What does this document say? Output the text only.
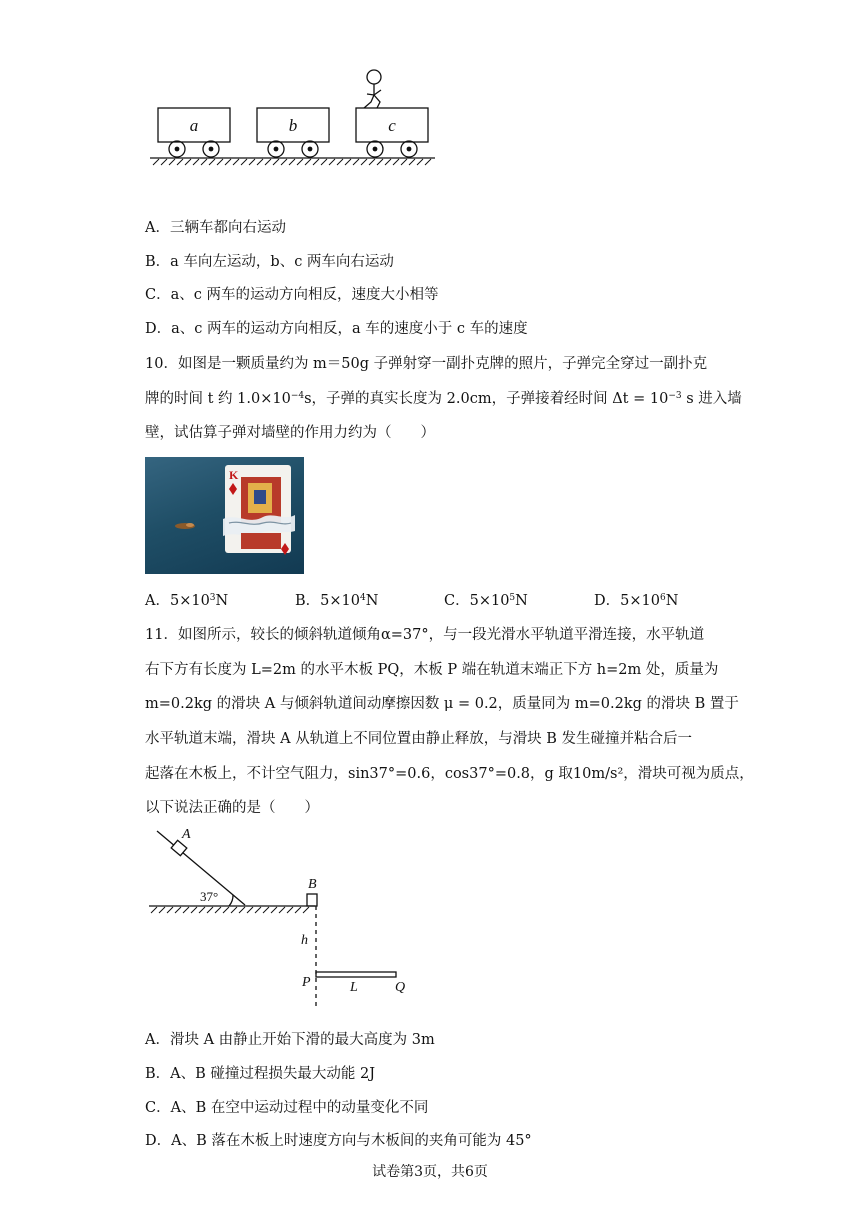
a	b	c
A．三辆车都向右运动
B．a 车向左运动，b、c 两车向右运动
C．a、c 两车的运动方向相反，速度大小相等
D．a、c 两车的运动方向相反，a 车的速度小于 c 车的速度
10．如图是一颗质量约为 m＝50g 子弹射穿一副扑克牌的照片，子弹完全穿过一副扑克
牌的时间 t 约 $1.0\times 10^{-4}s$，子弹的真实长度为 2.0cm，子弹接着经时间 $\Delta t = 10^{-3}$ s 进入墙
壁，试估算子弹对墙壁的作用力约为（　　）
K
A．$5\times 10^3N$	B．$5\times 10^4N$	C．$5\times 10^5N$	D．$5\times 10^6N$
11．如图所示，较长的倾斜轨道倾角α=37°，与一段光滑水平轨道平滑连接，水平轨道
右下方有长度为 L=2m 的水平木板 PQ，木板 P 端在轨道末端正下方 h=2m 处，质量为
m=0.2kg 的滑块 A 与倾斜轨道间动摩擦因数 μ = 0.2，质量同为 m=0.2kg 的滑块 B 置于
水平轨道末端，滑块 A 从轨道上不同位置由静止释放，与滑块 B 发生碰撞并粘合后一
起落在木板上，不计空气阻力，sin37°=0.6，cos37°=0.8，g 取10m/s²，滑块可视为质点，
以下说法正确的是（　　）
A
B
h
P	L	Q
37°
A．滑块 A 由静止开始下滑的最大高度为 3m
B．A、B 碰撞过程损失最大动能 2J
C．A、B 在空中运动过程中的动量变化不同
D．A、B 落在木板上时速度方向与木板间的夹角可能为 45°
试卷第3页，共6页
